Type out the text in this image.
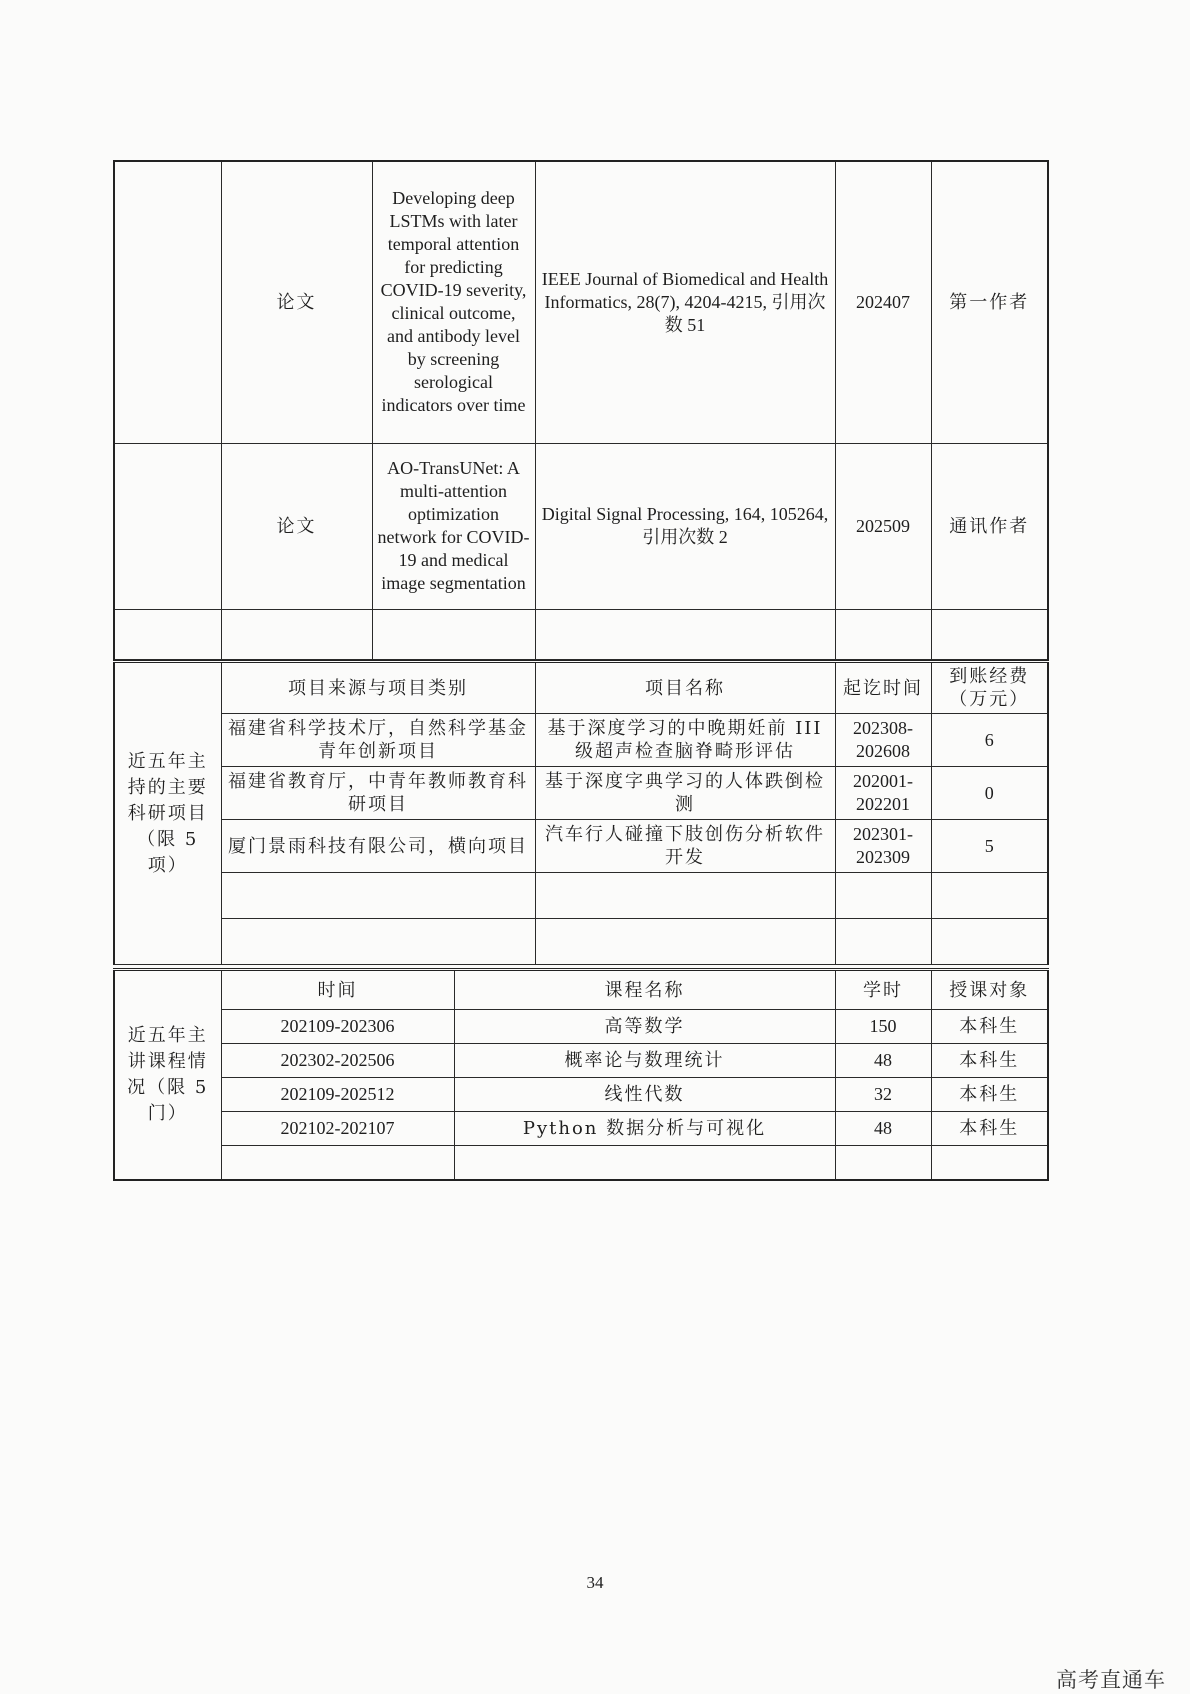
	论文	Developing deep LSTMs with later temporal attention for predicting COVID-19 severity, clinical outcome, and antibody level by screening serological indicators over time	IEEE Journal of Biomedical and Health Informatics, 28(7), 4204-4215, 引用次数 51	202407	第一作者
	论文	AO-TransUNet: A multi-attention optimization network for COVID-19 and medical image segmentation	Digital Signal Processing, 164, 105264, 引用次数 2	202509	通讯作者

近五年主持的主要科研项目（限 5 项）	项目来源与项目类别	项目名称	起讫时间	到账经费（万元）
	福建省科学技术厅，自然科学基金青年创新项目	基于深度学习的中晚期妊前 III 级超声检查脑脊畸形评估	202308-202608	6
	福建省教育厅，中青年教师教育科研项目	基于深度字典学习的人体跌倒检测	202001-202201	0
	厦门景雨科技有限公司，横向项目	汽车行人碰撞下肢创伤分析软件开发	202301-202309	5

近五年主讲课程情况（限 5 门）	时间	课程名称	学时	授课对象
	202109-202306	高等数学	150	本科生
	202302-202506	概率论与数理统计	48	本科生
	202109-202512	线性代数	32	本科生
	202102-202107	Python 数据分析与可视化	48	本科生

34
高考直通车
